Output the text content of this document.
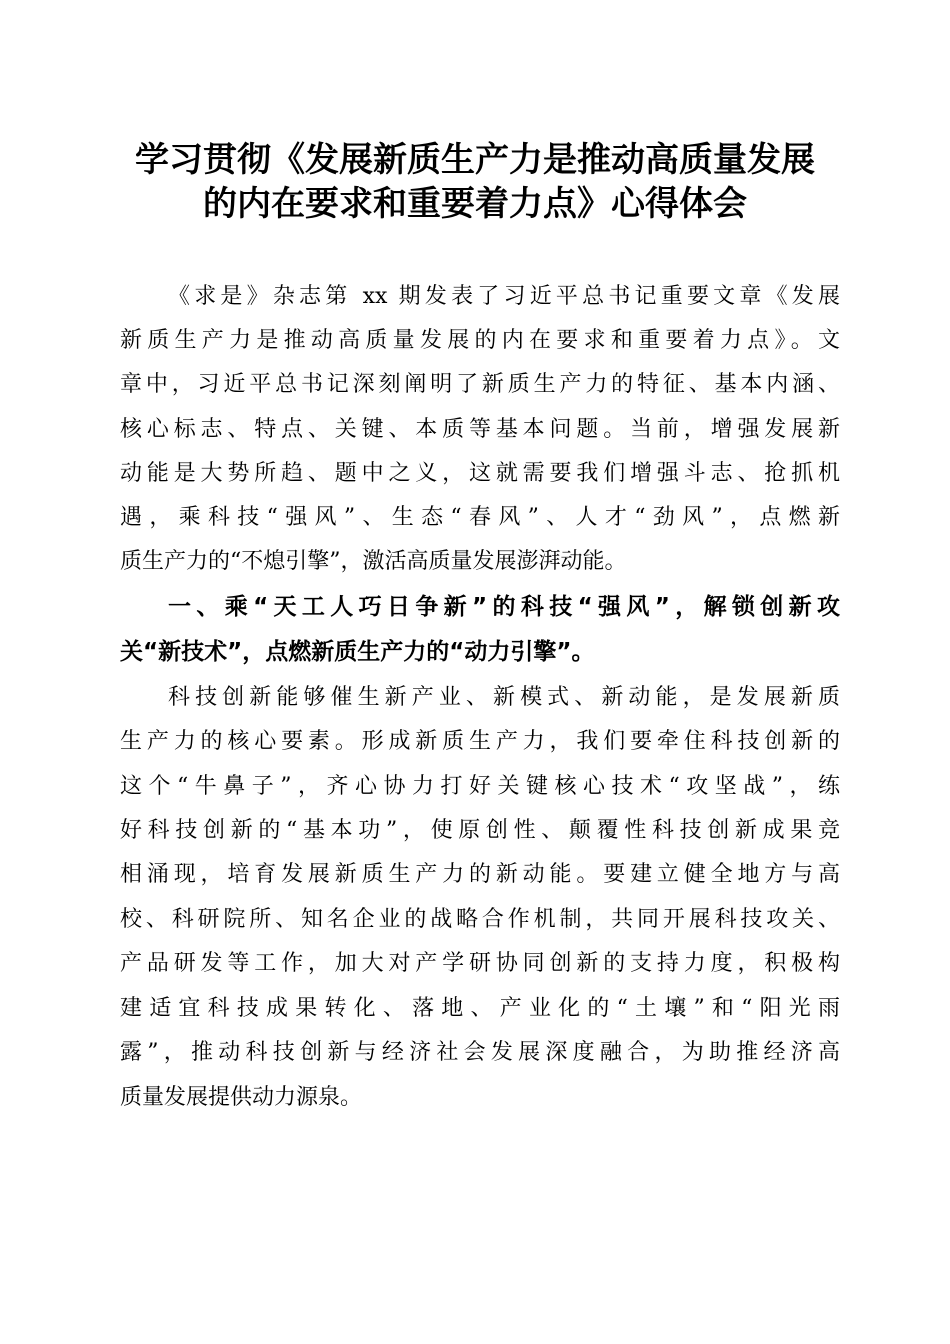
学习贯彻《发展新质生产力是推动高质量发展
的内在要求和重要着力点》心得体会
《求是》杂志第 xx 期发表了习近平总书记重要文章《发展
新质生产力是推动高质量发展的内在要求和重要着力点》。文
章中，习近平总书记深刻阐明了新质生产力的特征、基本内涵、
核心标志、特点、关键、本质等基本问题。当前，增强发展新
动能是大势所趋、题中之义，这就需要我们增强斗志、抢抓机
遇，乘科技“强风”、生态“春风”、人才“劲风”，点燃新
质生产力的“不熄引擎”，激活高质量发展澎湃动能。
一、乘“天工人巧日争新”的科技“强风”，解锁创新攻
关“新技术”，点燃新质生产力的“动力引擎”。
科技创新能够催生新产业、新模式、新动能，是发展新质
生产力的核心要素。形成新质生产力，我们要牵住科技创新的
这个“牛鼻子”，齐心协力打好关键核心技术“攻坚战”，练
好科技创新的“基本功”，使原创性、颠覆性科技创新成果竞
相涌现，培育发展新质生产力的新动能。要建立健全地方与高
校、科研院所、知名企业的战略合作机制，共同开展科技攻关、
产品研发等工作，加大对产学研协同创新的支持力度，积极构
建适宜科技成果转化、落地、产业化的“土壤”和“阳光雨
露”，推动科技创新与经济社会发展深度融合，为助推经济高
质量发展提供动力源泉。
